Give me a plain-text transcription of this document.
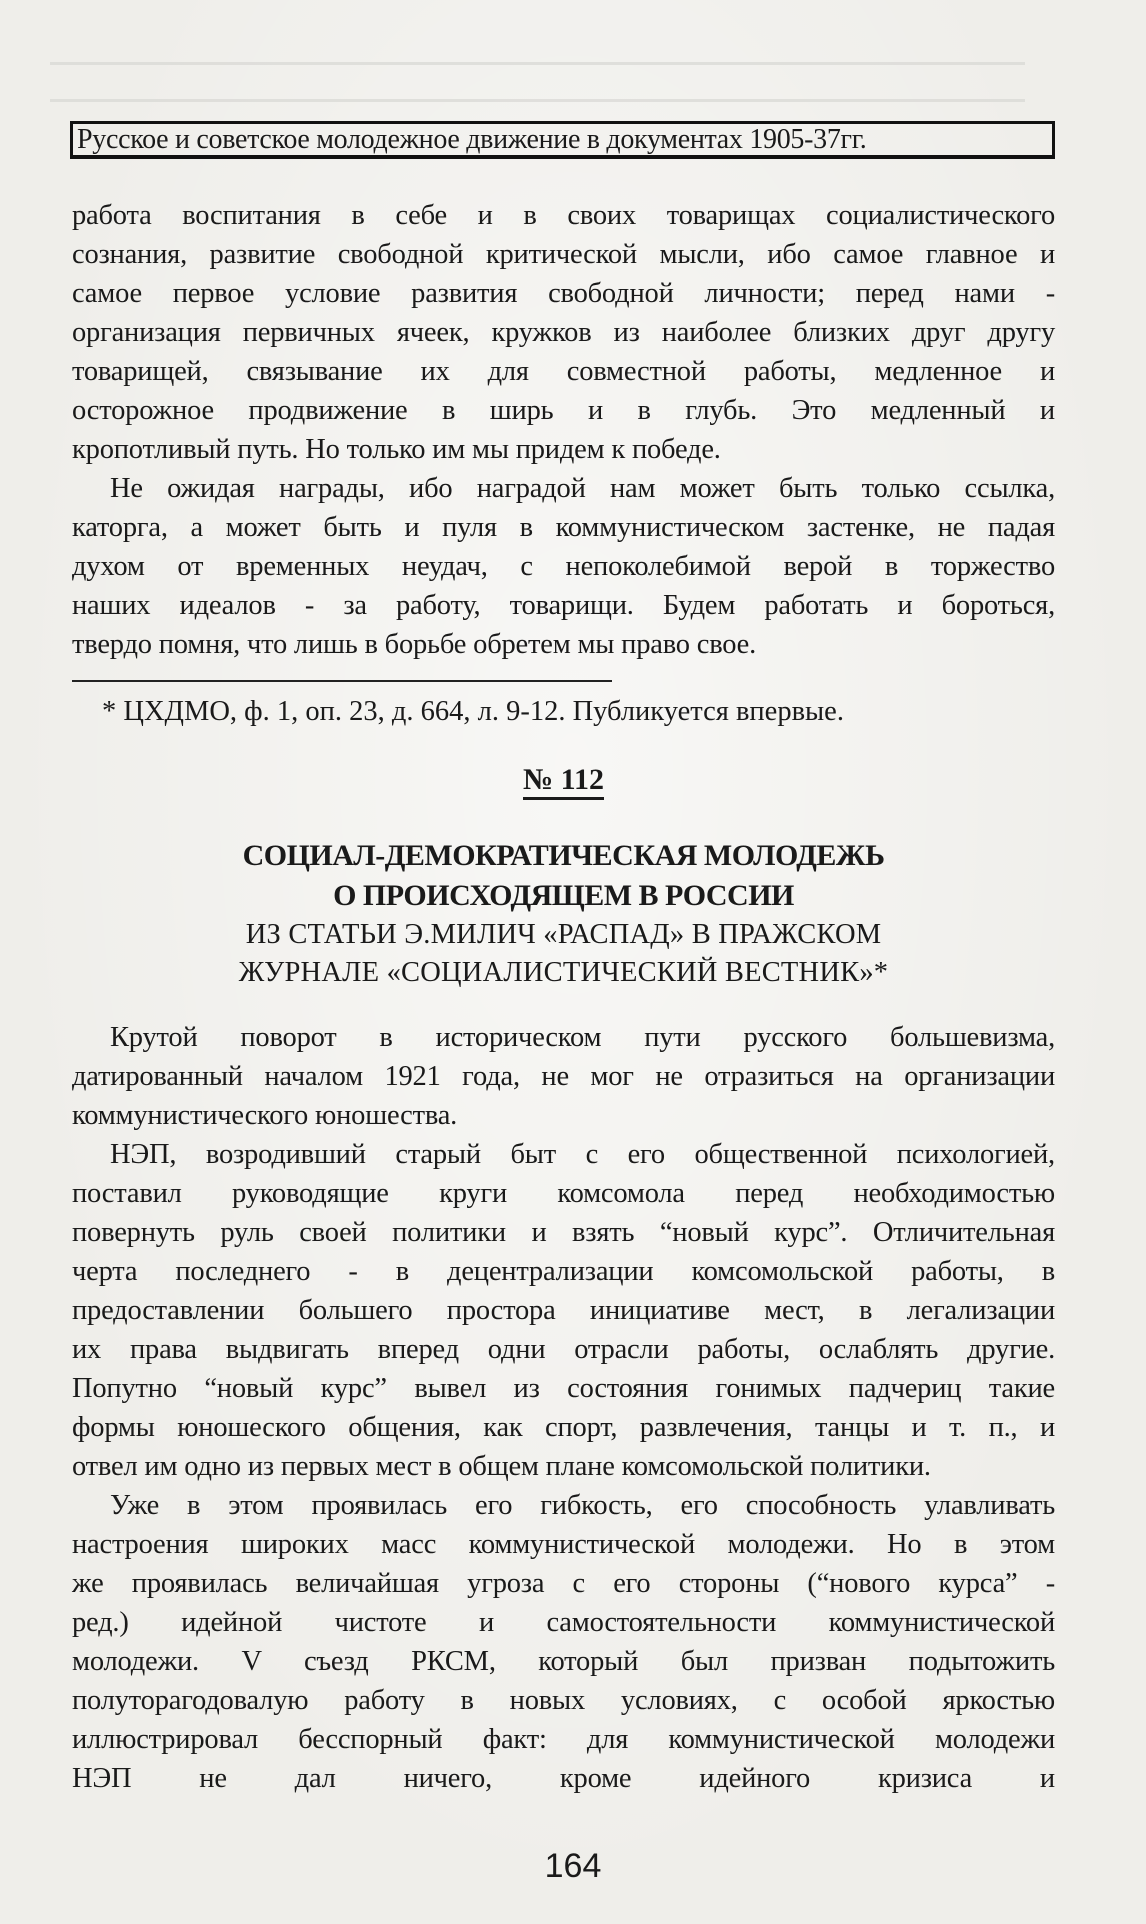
Русское и советское молодежное движение в документах 1905-37гг.

работа воспитания в себе и в своих товарищах социалистического

сознания, развитие свободной критической мысли, ибо самое главное и

самое первое условие развития свободной личности; перед нами -

организация первичных ячеек, кружков из наиболее близких друг другу

товарищей, связывание их для совместной работы, медленное и

осторожное продвижение в ширь и в глубь. Это медленный и

кропотливый путь. Но только им мы придем к победе.

Не ожидая награды, ибо наградой нам может быть только ссылка,

каторга, а может быть и пуля в коммунистическом застенке, не падая

духом от временных неудач, с непоколебимой верой в торжество

наших идеалов - за работу, товарищи. Будем работать и бороться,

твердо помня, что лишь в борьбе обретем мы право свое.

* ЦХДМО, ф. 1, оп. 23, д. 664, л. 9-12. Публикуется впервые.
№ 112
СОЦИАЛ-ДЕМОКРАТИЧЕСКАЯ МОЛОДЕЖЬ
О ПРОИСХОДЯЩЕМ В РОССИИ
ИЗ СТАТЬИ Э.МИЛИЧ «РАСПАД» В ПРАЖСКОМ
ЖУРНАЛЕ «СОЦИАЛИСТИЧЕСКИЙ ВЕСТНИК»*

Крутой поворот в историческом пути русского большевизма,

датированный началом 1921 года, не мог не отразиться на организации

коммунистического юношества.

НЭП, возродивший старый быт с его общественной психологией,

поставил руководящие круги комсомола перед необходимостью

повернуть руль своей политики и взять “новый курс”. Отличительная

черта последнего - в децентрализации комсомольской работы, в

предоставлении большего простора инициативе мест, в легализации

их права выдвигать вперед одни отрасли работы, ослаблять другие.

Попутно “новый курс” вывел из состояния гонимых падчериц такие

формы юношеского общения, как спорт, развлечения, танцы и т. п., и

отвел им одно из первых мест в общем плане комсомольской политики.

Уже в этом проявилась его гибкость, его способность улавливать

настроения широких масс коммунистической молодежи. Но в этом

же проявилась величайшая угроза с его стороны (“нового курса” -

ред.) идейной чистоте и самостоятельности коммунистической

молодежи. V съезд РКСМ, который был призван подытожить

полуторагодовалую работу в новых условиях, с особой яркостью

иллюстрировал бесспорный факт: для коммунистической молодежи

НЭП не дал ничего, кроме идейного кризиса и

164
